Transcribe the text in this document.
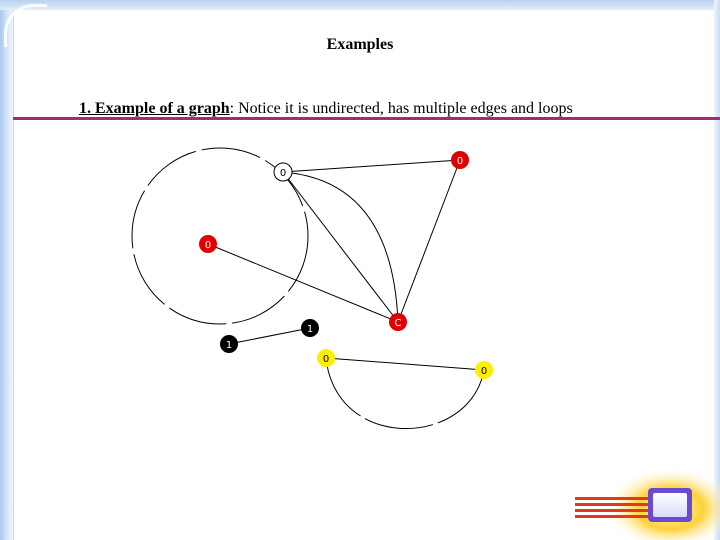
Examples
1. Example of a graph: Notice it is undirected, has multiple edges and loops
0
0
0
C
1
1
0
0
